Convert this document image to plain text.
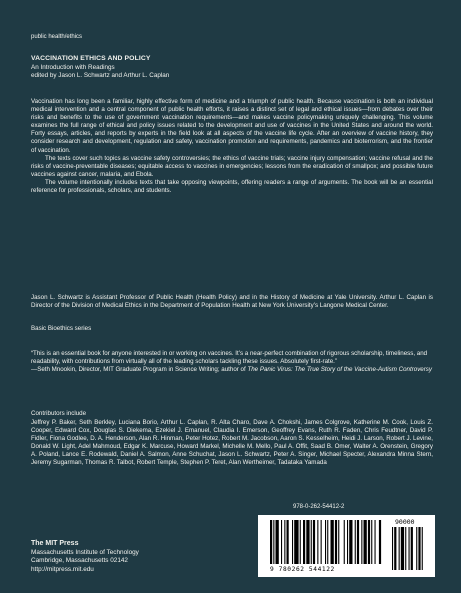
public health/ethics

VACCINATION ETHICS AND POLICY

An Introduction with Readings

edited by Jason L. Schwartz and Arthur L. Caplan

Vaccination has long been a familiar, highly effective form of medicine and a triumph of public health. Because vaccination is both an individual medical intervention and a central component of public health efforts, it raises a distinct set of legal and ethical issues—from debates over their risks and benefits to the use of government vaccination requirements—and makes vaccine policymaking uniquely challenging. This volume examines the full range of ethical and policy issues related to the development and use of vaccines in the United States and around the world. Forty essays, articles, and reports by experts in the field look at all aspects of the vaccine life cycle. After an overview of vaccine history, they consider research and development, regulation and safety, vaccination promotion and requirements, pandemics and bioterrorism, and the frontier of vaccination.

The texts cover such topics as vaccine safety controversies; the ethics of vaccine trials; vaccine injury compensation; vaccine refusal and the risks of vaccine-preventable diseases; equitable access to vaccines in emergencies; lessons from the eradication of smallpox; and possible future vaccines against cancer, malaria, and Ebola.

The volume intentionally includes texts that take opposing viewpoints, offering readers a range of arguments. The book will be an essential reference for professionals, scholars, and students.

Jason L. Schwartz is Assistant Professor of Public Health (Health Policy) and in the History of Medicine at Yale University. Arthur L. Caplan is Director of the Division of Medical Ethics in the Department of Population Health at New York University’s Langone Medical Center.

Basic Bioethics series

“This is an essential book for anyone interested in or working on vaccines. It’s a near-perfect combination of rigorous scholarship, timeliness, and readability, with contributions from virtually all of the leading scholars tackling these issues. Absolutely first-rate.”

—Seth Mnookin, Director, MIT Graduate Program in Science Writing; author of The Panic Virus: The True Story of the Vaccine-Autism Controversy

Contributors include

Jeffrey P. Baker, Seth Berkley, Luciana Borio, Arthur L. Caplan, R. Alta Charo, Dave A. Chokshi, James Colgrove, Katherine M. Cook, Louis Z. Cooper, Edward Cox, Douglas S. Diekema, Ezekiel J. Emanuel, Claudia I. Emerson, Geoffrey Evans, Ruth R. Faden, Chris Feudtner, David P. Fidler, Fiona Godlee, D. A. Henderson, Alan R. Hinman, Peter Hotez, Robert M. Jacobson, Aaron S. Kesselheim, Heidi J. Larson, Robert J. Levine, Donald W. Light, Adel Mahmoud, Edgar K. Marcuse, Howard Markel, Michelle M. Mello, Paul A. Offit, Saad B. Omer, Walter A. Orenstein, Gregory A. Poland, Lance E. Rodewald, Daniel A. Salmon, Anne Schuchat, Jason L. Schwartz, Peter A. Singer, Michael Specter, Alexandra Minna Stern, Jeremy Sugarman, Thomas R. Talbot, Robert Temple, Stephen P. Teret, Alan Wertheimer, Tadataka Yamada

The MIT Press
Massachusetts Institute of Technology
Cambridge, Massachusetts 02142
http://mitpress.mit.edu
978-0-262-54412-2
90000
9 780262 544122
